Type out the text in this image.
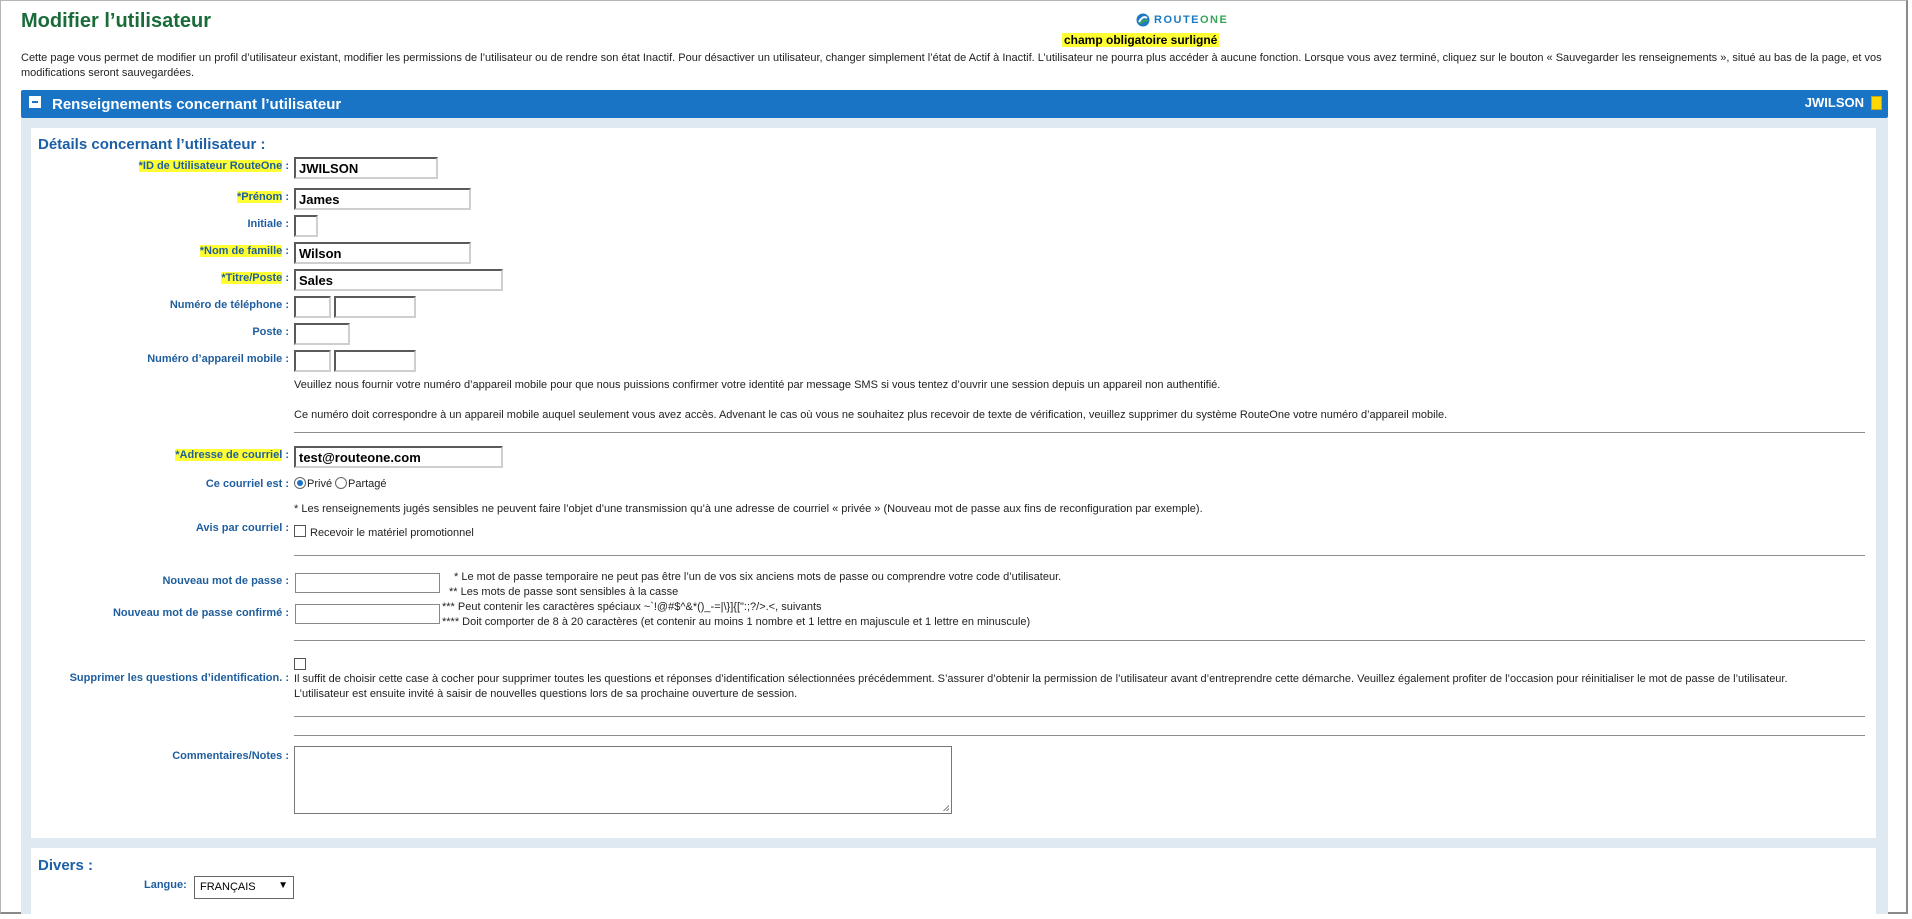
Modifier l’utilisateur	ROUTEONE
champ obligatoire surligné
Cette page vous permet de modifier un profil d’utilisateur existant, modifier les permissions de l’utilisateur ou de rendre son état Inactif. Pour désactiver un utilisateur, changer simplement l’état de Actif à Inactif. L’utilisateur ne pourra plus accéder à aucune fonction. Lorsque vous avez terminé, cliquez sur le bouton « Sauvegarder les renseignements », situé au bas de la page, et vos modifications seront sauvegardées.
Renseignements concernant l’utilisateur	JWILSON
Détails concernant l’utilisateur :
*ID de Utilisateur RouteOne : JWILSON
*Prénom : James
Initiale :
*Nom de famille : Wilson
*Titre/Poste : Sales
Numéro de téléphone :
Poste :
Numéro d’appareil mobile :
Veuillez nous fournir votre numéro d’appareil mobile pour que nous puissions confirmer votre identité par message SMS si vous tentez d’ouvrir une session depuis un appareil non authentifié.
Ce numéro doit correspondre à un appareil mobile auquel seulement vous avez accès. Advenant le cas où vous ne souhaitez plus recevoir de texte de vérification, veuillez supprimer du système RouteOne votre numéro d’appareil mobile.
*Adresse de courriel : test@routeone.com
Ce courriel est : Privé Partagé
* Les renseignements jugés sensibles ne peuvent faire l’objet d’une transmission qu’à une adresse de courriel « privée » (Nouveau mot de passe aux fins de reconfiguration par exemple).
Avis par courriel : Recevoir le matériel promotionnel
Nouveau mot de passe :
Nouveau mot de passe confirmé :
* Le mot de passe temporaire ne peut pas être l’un de vos six anciens mots de passe ou comprendre votre code d’utilisateur.
** Les mots de passe sont sensibles à la casse
*** Peut contenir les caractères spéciaux ~`!@#$^&*()_-=|\}]{[":;?/>.<, suivants
**** Doit comporter de 8 à 20 caractères (et contenir au moins 1 nombre et 1 lettre en majuscule et 1 lettre en minuscule)
Supprimer les questions d’identification. : Il suffit de choisir cette case à cocher pour supprimer toutes les questions et réponses d’identification sélectionnées précédemment. S’assurer d’obtenir la permission de l’utilisateur avant d’entreprendre cette démarche. Veuillez également profiter de l’occasion pour réinitialiser le mot de passe de l’utilisateur. L’utilisateur est ensuite invité à saisir de nouvelles questions lors de sa prochaine ouverture de session.
Commentaires/Notes :
Divers :
Langue:	FRANÇAIS ▼
